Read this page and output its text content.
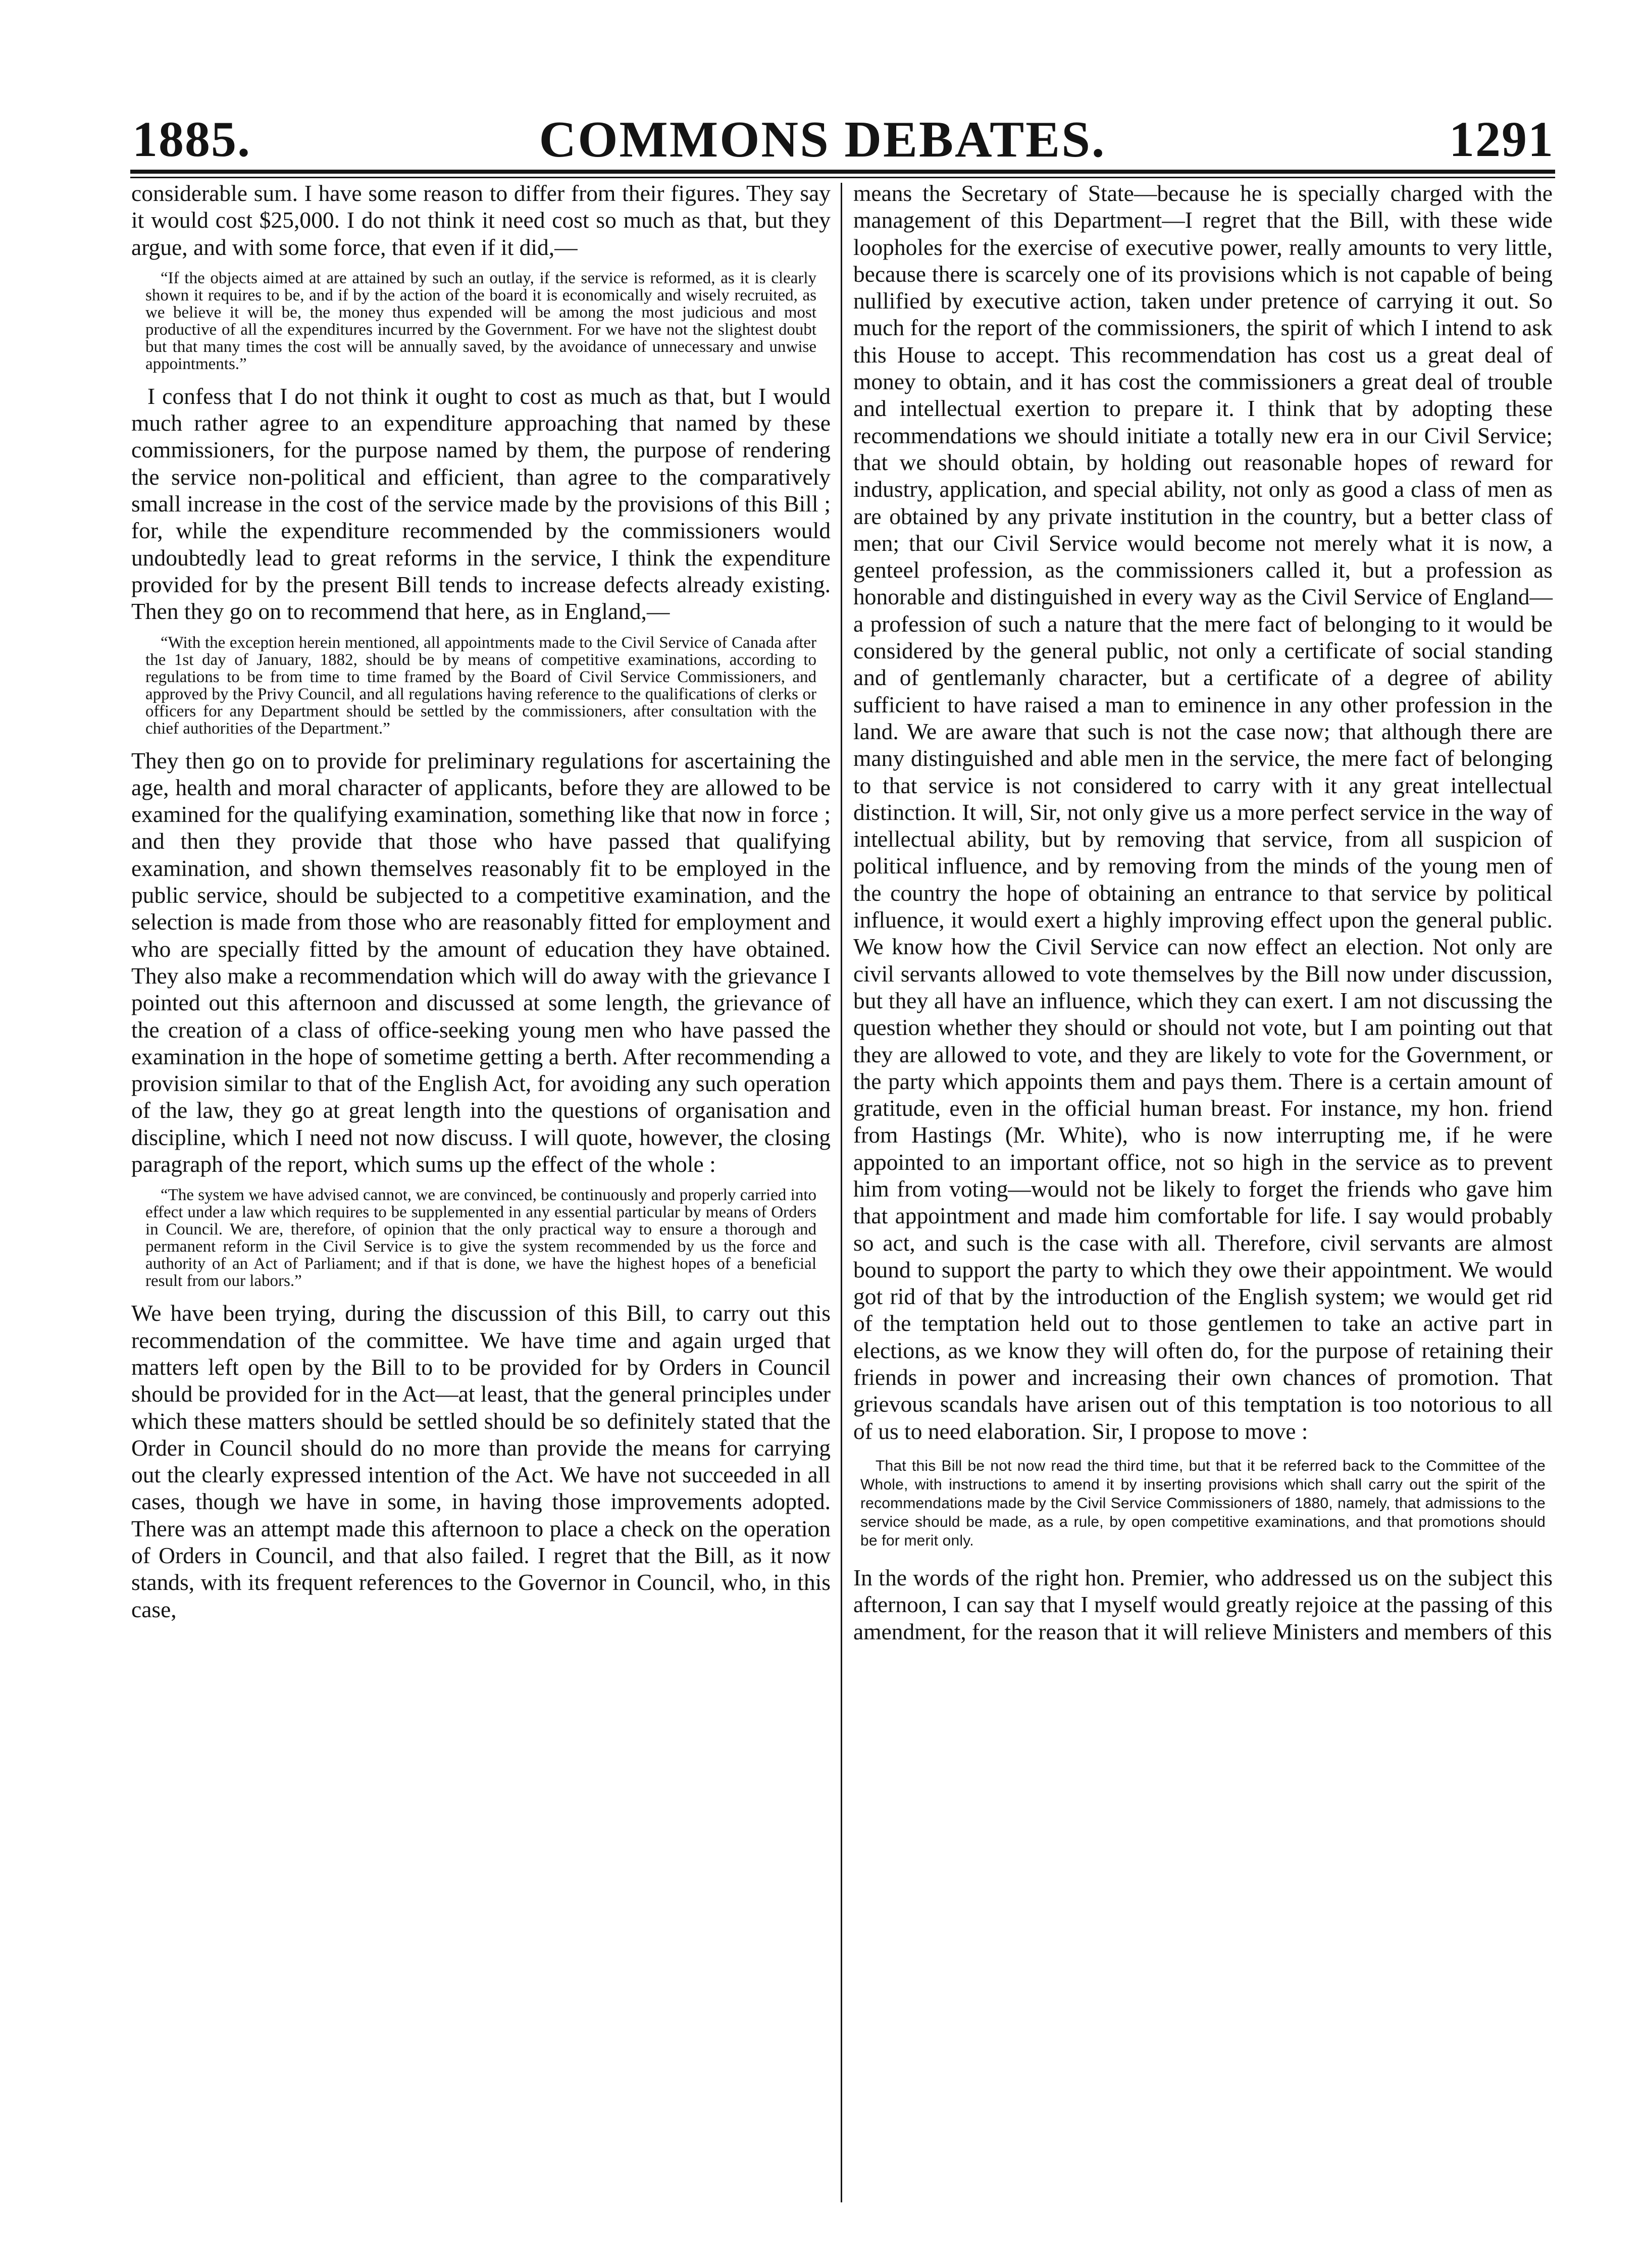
1885.	COMMONS DEBATES.	1291

considerable sum. I have some reason to differ from their figures. They say it would cost $25,000. I do not think it need cost so much as that, but they argue, and with some force, that even if it did,—

“If the objects aimed at are attained by such an outlay, if the service is reformed, as it is clearly shown it requires to be, and if by the action of the board it is economically and wisely recruited, as we believe it will be, the money thus expended will be among the most judicious and most productive of all the expenditures incurred by the Government. For we have not the slightest doubt but that many times the cost will be annually saved, by the avoidance of unnecessary and unwise appointments.”

I confess that I do not think it ought to cost as much as that, but I would much rather agree to an expenditure approaching that named by these commissioners, for the purpose named by them, the purpose of rendering the service non-political and efficient, than agree to the comparatively small increase in the cost of the service made by the provisions of this Bill ; for, while the expenditure recommended by the commissioners would undoubtedly lead to great reforms in the service, I think the expenditure provided for by the present Bill tends to increase defects already existing. Then they go on to recommend that here, as in England,—

“With the exception herein mentioned, all appointments made to the Civil Service of Canada after the 1st day of January, 1882, should be by means of competitive examinations, according to regulations to be from time to time framed by the Board of Civil Service Commissioners, and approved by the Privy Council, and all regulations having reference to the qualifications of clerks or officers for any Department should be settled by the commissioners, after consultation with the chief authorities of the Department.”

They then go on to provide for preliminary regulations for ascertaining the age, health and moral character of applicants, before they are allowed to be examined for the qualifying examination, something like that now in force ; and then they provide that those who have passed that qualifying examination, and shown themselves reasonably fit to be employed in the public service, should be subjected to a competitive examination, and the selection is made from those who are reasonably fitted for employment and who are specially fitted by the amount of education they have obtained. They also make a recommendation which will do away with the grievance I pointed out this afternoon and discussed at some length, the grievance of the creation of a class of office-seeking young men who have passed the examination in the hope of sometime getting a berth. After recommending a provision similar to that of the English Act, for avoiding any such operation of the law, they go at great length into the questions of organisation and discipline, which I need not now discuss. I will quote, however, the closing paragraph of the report, which sums up the effect of the whole :

“The system we have advised cannot, we are convinced, be continuously and properly carried into effect under a law which requires to be supplemented in any essential particular by means of Orders in Council. We are, therefore, of opinion that the only practical way to ensure a thorough and permanent reform in the Civil Service is to give the system recommended by us the force and authority of an Act of Parliament; and if that is done, we have the highest hopes of a beneficial result from our labors.”

We have been trying, during the discussion of this Bill, to carry out this recommendation of the committee. We have time and again urged that matters left open by the Bill to to be provided for by Orders in Council should be provided for in the Act—at least, that the general principles under which these matters should be settled should be so definitely stated that the Order in Council should do no more than provide the means for carrying out the clearly expressed intention of the Act. We have not succeeded in all cases, though we have in some, in having those improvements adopted. There was an attempt made this afternoon to place a check on the operation of Orders in Council, and that also failed. I regret that the Bill, as it now stands, with its frequent references to the Governor in Council, who, in this case,

means the Secretary of State—because he is specially charged with the management of this Department—I regret that the Bill, with these wide loopholes for the exercise of executive power, really amounts to very little, because there is scarcely one of its provisions which is not capable of being nullified by executive action, taken under pretence of carrying it out. So much for the report of the commissioners, the spirit of which I intend to ask this House to accept. This recommendation has cost us a great deal of money to obtain, and it has cost the commissioners a great deal of trouble and intellectual exertion to prepare it. I think that by adopting these recommendations we should initiate a totally new era in our Civil Service; that we should obtain, by holding out reasonable hopes of reward for industry, application, and special ability, not only as good a class of men as are obtained by any private institution in the country, but a better class of men; that our Civil Service would become not merely what it is now, a genteel profession, as the commissioners called it, but a profession as honorable and distinguished in every way as the Civil Service of England—a profession of such a nature that the mere fact of belonging to it would be considered by the general public, not only a certificate of social standing and of gentlemanly character, but a certificate of a degree of ability sufficient to have raised a man to eminence in any other profession in the land. We are aware that such is not the case now; that although there are many distinguished and able men in the service, the mere fact of belonging to that service is not considered to carry with it any great intellectual distinction. It will, Sir, not only give us a more perfect service in the way of intellectual ability, but by removing that service, from all suspicion of political influence, and by removing from the minds of the young men of the country the hope of obtaining an entrance to that service by political influence, it would exert a highly improving effect upon the general public. We know how the Civil Service can now effect an election. Not only are civil servants allowed to vote themselves by the Bill now under discussion, but they all have an influence, which they can exert. I am not discussing the question whether they should or should not vote, but I am pointing out that they are allowed to vote, and they are likely to vote for the Government, or the party which appoints them and pays them. There is a certain amount of gratitude, even in the official human breast. For instance, my hon. friend from Hastings (Mr. White), who is now interrupting me, if he were appointed to an important office, not so high in the service as to prevent him from voting—would not be likely to forget the friends who gave him that appointment and made him comfortable for life. I say would probably so act, and such is the case with all. Therefore, civil servants are almost bound to support the party to which they owe their appointment. We would got rid of that by the introduction of the English system; we would get rid of the temptation held out to those gentlemen to take an active part in elections, as we know they will often do, for the purpose of retaining their friends in power and increasing their own chances of promotion. That grievous scandals have arisen out of this temptation is too notorious to all of us to need elaboration. Sir, I propose to move :

That this Bill be not now read the third time, but that it be referred back to the Committee of the Whole, with instructions to amend it by inserting provisions which shall carry out the spirit of the recommendations made by the Civil Service Commissioners of 1880, namely, that admissions to the service should be made, as a rule, by open competitive examinations, and that promotions should be for merit only.

In the words of the right hon. Premier, who addressed us on the subject this afternoon, I can say that I myself would greatly rejoice at the passing of this amendment, for the reason that it will relieve Ministers and members of this
